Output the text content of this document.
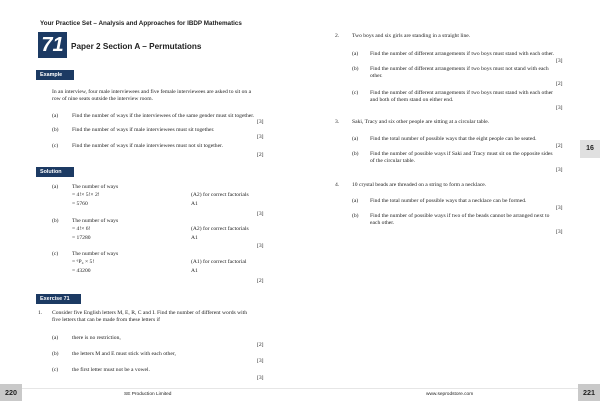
Your Practice Set – Analysis and Approaches for IBDP Mathematics
71 Paper 2 Section A – Permutations
Example
In an interview, four male interviewees and five female interviewees are asked to sit on a
row of nine seats outside the interview room.
(a) Find the number of ways if the interviewees of the same gender must sit together.
[3]
(b) Find the number of ways if male interviewees must sit together.
[3]
(c) Find the number of ways if male interviewees must not sit together.
[2]
Solution
(a) The number of ways
= 4!× 5!× 2!	(A2) for correct factorials
= 5760	A1
[3]
(b) The number of ways
= 4!× 6!	(A2) for correct factorials
= 17280	A1
[3]
(c) The number of ways
= ⁶P₄ × 5!	(A1) for correct factorial
= 43200	A1
[2]
Exercise 71
1. Consider five English letters M, E, R, C and I. Find the number of different words with
five letters that can be made from these letters if
(a) there is no restriction,
[2]
(b) the letters M and E must stick with each other,
[3]
(c) the first letter must not be a vowel.
[3]
2. Two boys and six girls are standing in a straight line.
(a) Find the number of different arrangements if two boys must stand with each other.
[3]
(b) Find the number of different arrangements if two boys must not stand with each
other.
[2]
(c) Find the number of different arrangements if two boys must stand with each other
and both of them stand on either end.
[3]
3. Saki, Tracy and six other people are sitting at a circular table.
(a) Find the total number of possible ways that the eight people can be seated.
[2]
(b) Find the number of possible ways if Saki and Tracy must sit on the opposite sides
of the circular table.
[3]
4. 10 crystal beads are threaded on a string to form a necklace.
(a) Find the total number of possible ways that a necklace can be formed.
[3]
(b) Find the number of possible ways if two of the beads cannot be arranged next to
each other.
[3]
16
220	221
SE Production Limited	www.seprodstore.com
